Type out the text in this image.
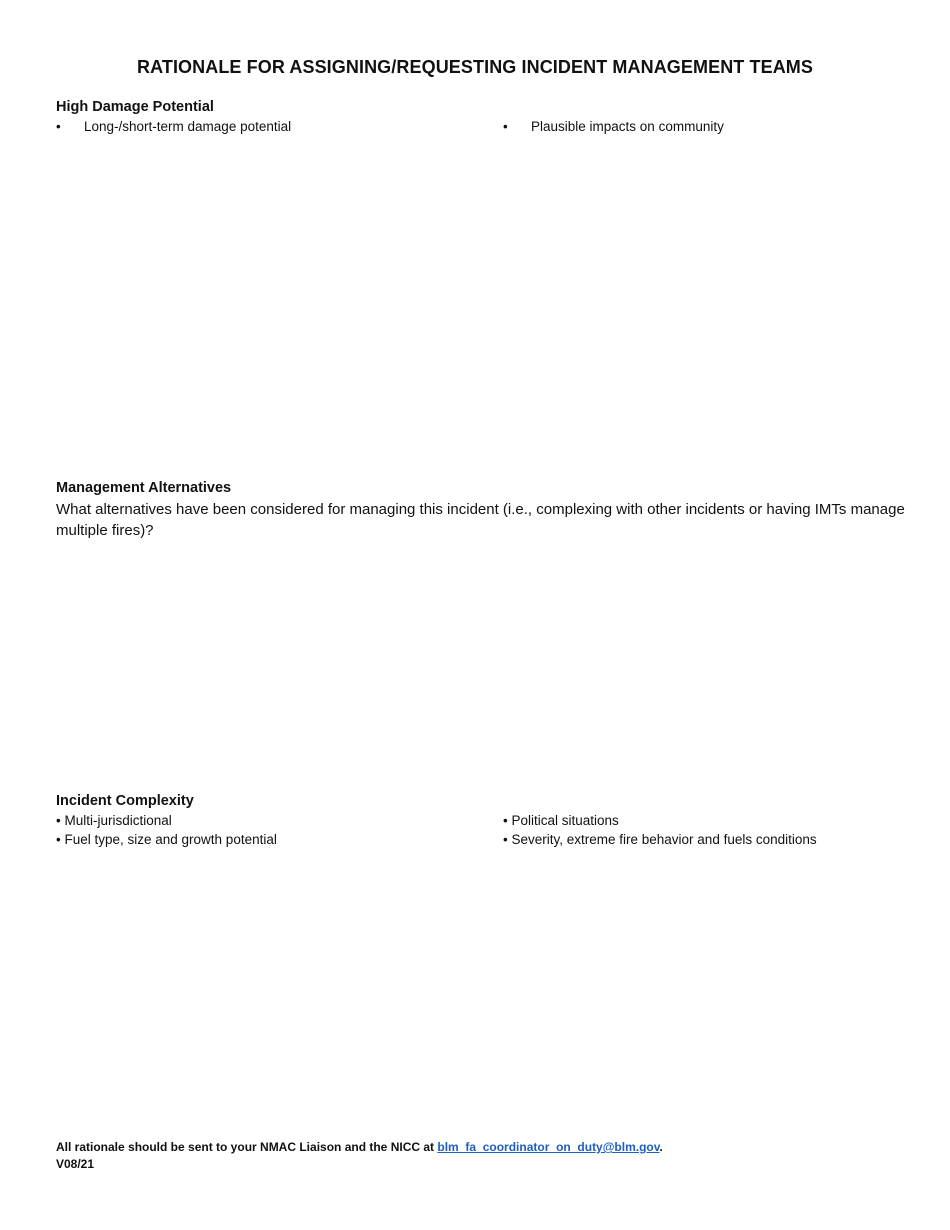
RATIONALE FOR ASSIGNING/REQUESTING INCIDENT MANAGEMENT TEAMS
High Damage Potential
• Long-/short-term damage potential	• Plausible impacts on community
Management Alternatives
What alternatives have been considered for managing this incident (i.e., complexing with other incidents or having IMTs manage multiple fires)?
Incident Complexity
• Multi-jurisdictional
• Fuel type, size and growth potential
• Political situations
• Severity, extreme fire behavior and fuels conditions
All rationale should be sent to your NMAC Liaison and the NICC at blm_fa_coordinator_on_duty@blm.gov.
V08/21
